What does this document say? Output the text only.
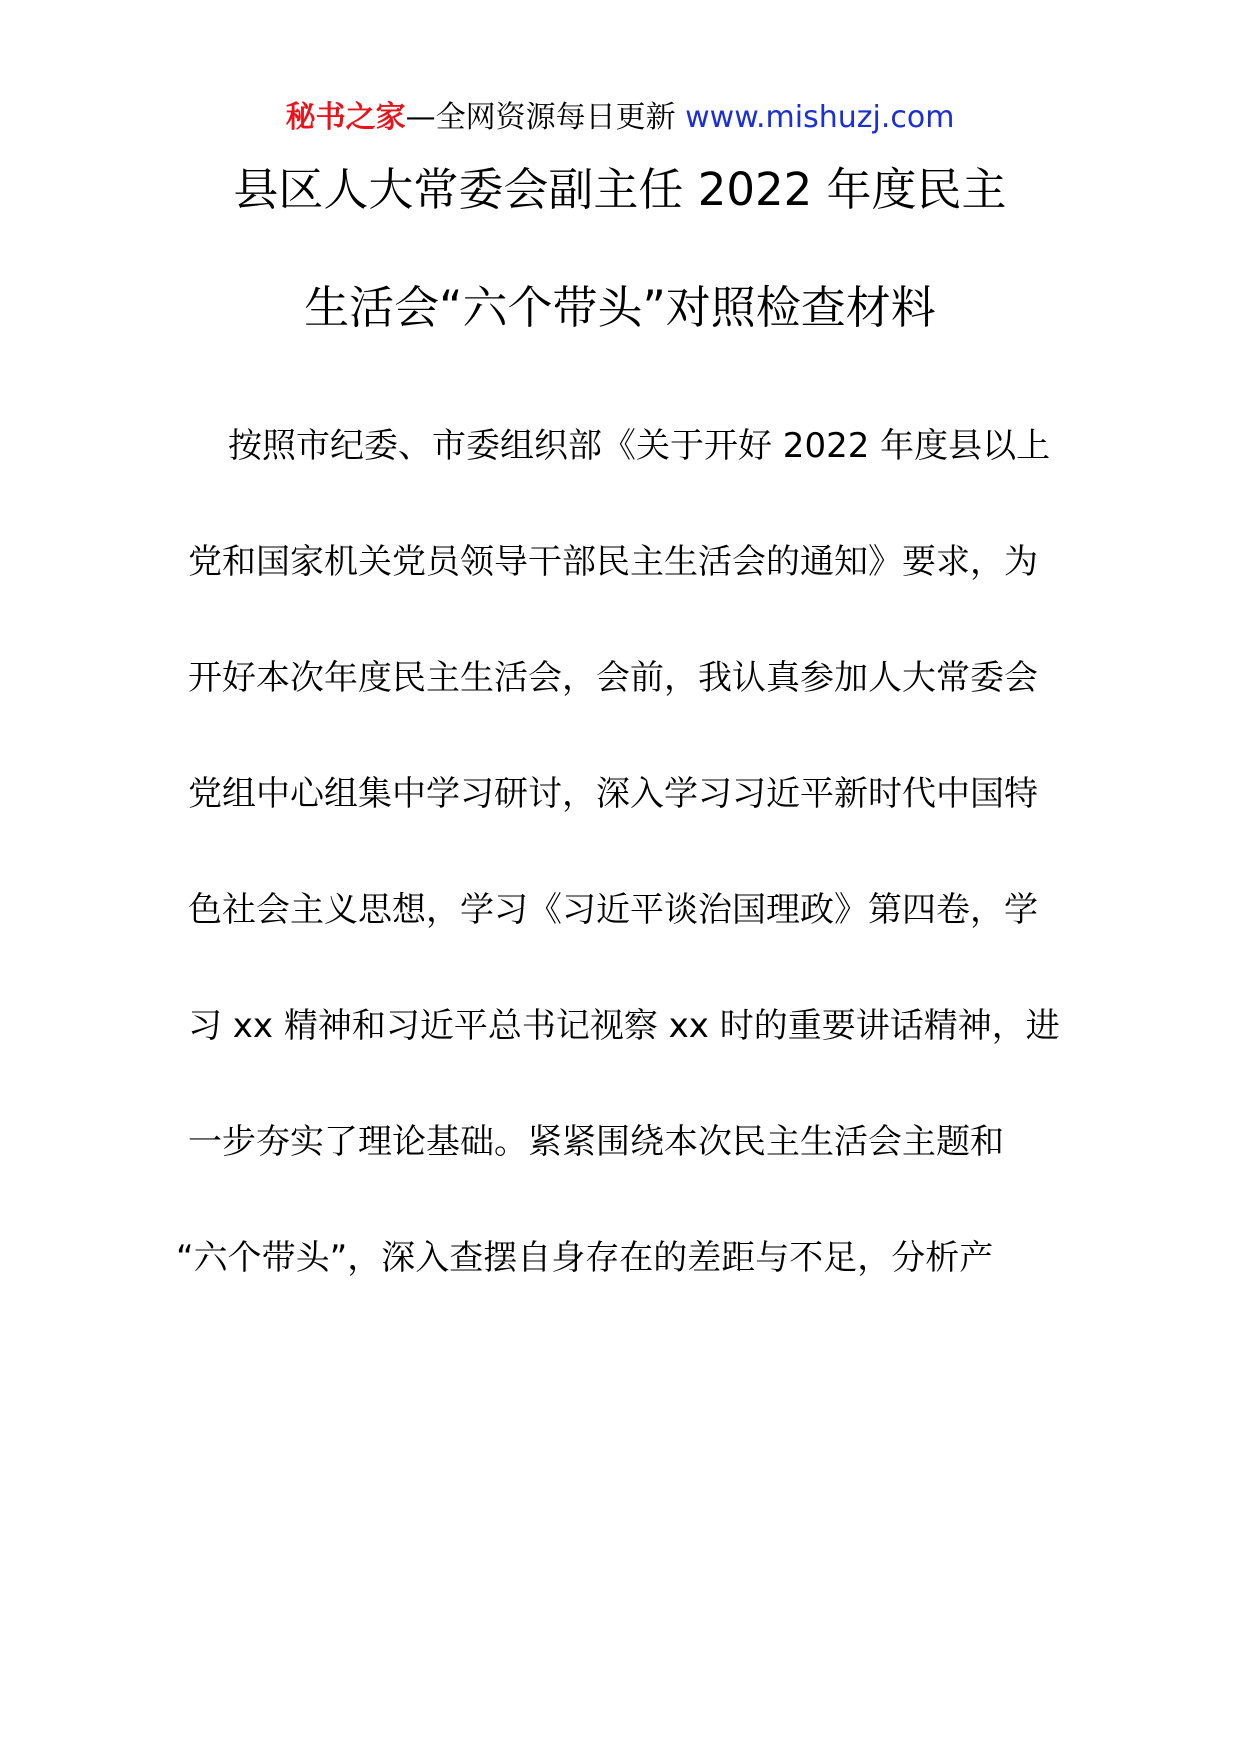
秘书之家—全网资源每日更新 www.mishuzj.com
县区人大常委会副主任 2022 年度民主
生活会“六个带头”对照检查材料
按照市纪委、市委组织部《关于开好 2022 年度县以上
党和国家机关党员领导干部民主生活会的通知》要求，为
开好本次年度民主生活会，会前，我认真参加人大常委会
党组中心组集中学习研讨，深入学习习近平新时代中国特
色社会主义思想，学习《习近平谈治国理政》第四卷，学
习 xx 精神和习近平总书记视察 xx 时的重要讲话精神，进
一步夯实了理论基础。紧紧围绕本次民主生活会主题和
“六个带头”，深入查摆自身存在的差距与不足，分析产
